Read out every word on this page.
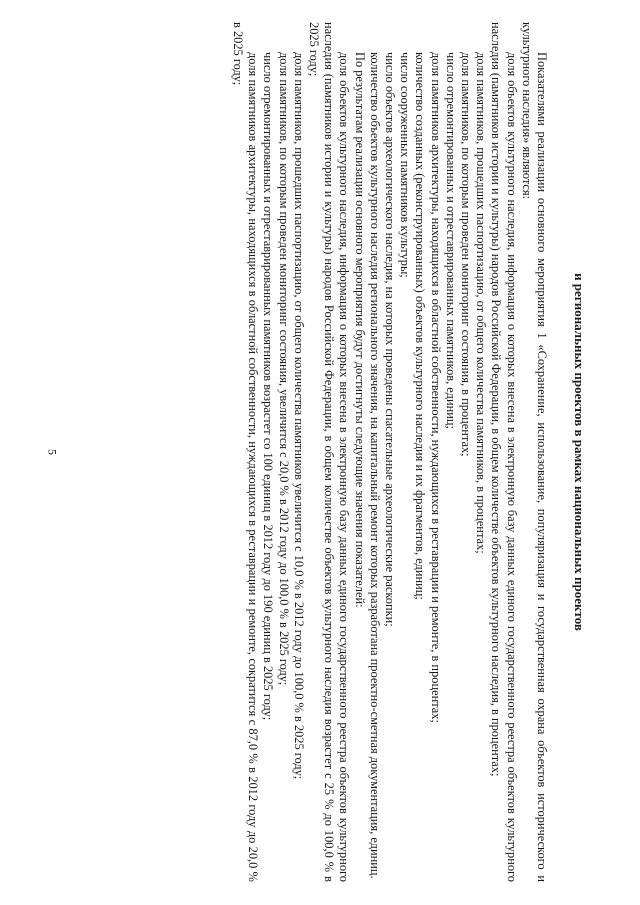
5	и региональных проектов в рамках национальных проектов

Показателями реализации основного мероприятия 1 «Сохранение, использование, популяризация и государственная охрана объектов исторического и культурного наследия» являются:

доля объектов культурного наследия, информация о которых внесена в электронную базу данных единого государственного реестра объектов культурного наследия (памятников истории и культуры) народов Российской Федерации, в общем количестве объектов культурного наследия, в процентах;

доля памятников, прошедших паспортизацию, от общего количества памятников, в процентах;

доля памятников, по которым проведен мониторинг состояния, в процентах;

число отремонтированных и отреставрированных памятников, единиц;

доля памятников архитектуры, находящихся в областной собственности, нуждающихся в реставрации и ремонте, в процентах;

количество созданных (реконструированных) объектов культурного наследия и их фрагментов, единиц;

число сооруженных памятников культуры;

число объектов археологического наследия, на которых проведены спасательные археологические раскопки;

количество объектов культурного наследия регионального значения, на капитальный ремонт которых разработана проектно-сметная документация, единиц.

По результатам реализации основного мероприятия будут достигнуты следующие значения показателей:

доля объектов культурного наследия, информация о которых внесена в электронную базу данных единого государственного реестра объектов культурного наследия (памятников истории и культуры) народов Российской Федерации, в общем количестве объектов культурного наследия возрастет с 25 % до 100,0 % в 2025 году;

доля памятников, прошедших паспортизацию, от общего количества памятников увеличится с 10,0 % в 2012 году до 100,0 % в 2025 году;

доля памятников, по которым проведен мониторинг состояния, увеличится с 20,0 % в 2012 году до 100,0 % в 2025 году;

число отремонтированных и отреставрированных памятников возрастет со 100 единиц в 2012 году до 190 единиц в 2025 году;

доля памятников архитектуры, находящихся в областной собственности, нуждающихся в реставрации и ремонте, сократится с 87,0 % в 2012 году до 20,0 % в 2025 году;
